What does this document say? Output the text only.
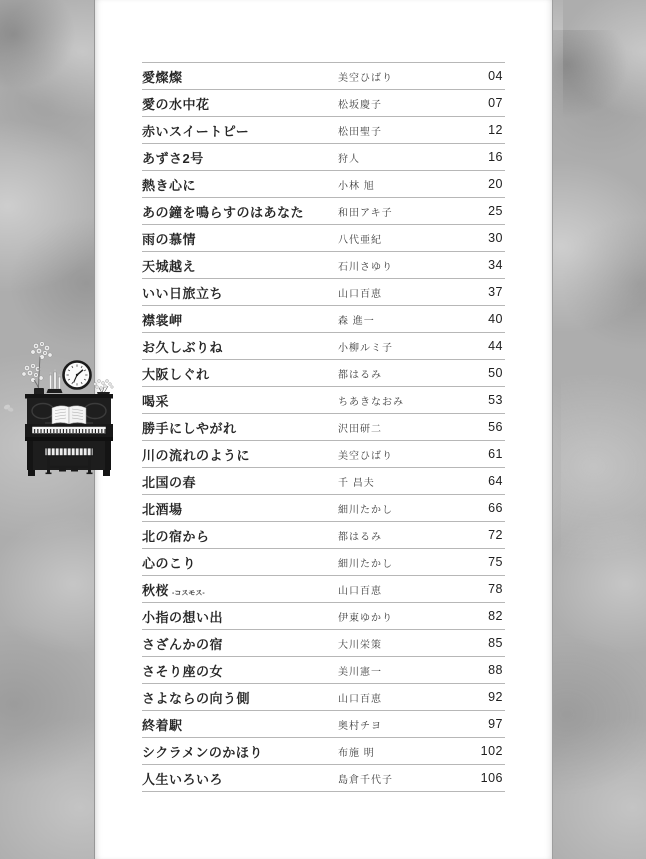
愛燦燦	美空ひばり	04
愛の水中花	松坂慶子	07
赤いスイートピー	松田聖子	12
あずさ2号	狩人	16
熱き心に	小林 旭	20
あの鐘を鳴らすのはあなた	和田アキ子	25
雨の慕情	八代亜紀	30
天城越え	石川さゆり	34
いい日旅立ち	山口百恵	37
襟裳岬	森 進一	40
お久しぶりね	小柳ルミ子	44
大阪しぐれ	都はるみ	50
喝采	ちあきなおみ	53
勝手にしやがれ	沢田研二	56
川の流れのように	美空ひばり	61
北国の春	千 昌夫	64
北酒場	細川たかし	66
北の宿から	都はるみ	72
心のこり	細川たかし	75
秋桜 -コスモス-	山口百恵	78
小指の想い出	伊東ゆかり	82
さざんかの宿	大川栄策	85
さそり座の女	美川憲一	88
さよならの向う側	山口百恵	92
終着駅	奥村チヨ	97
シクラメンのかほり	布施 明	102
人生いろいろ	島倉千代子	106
